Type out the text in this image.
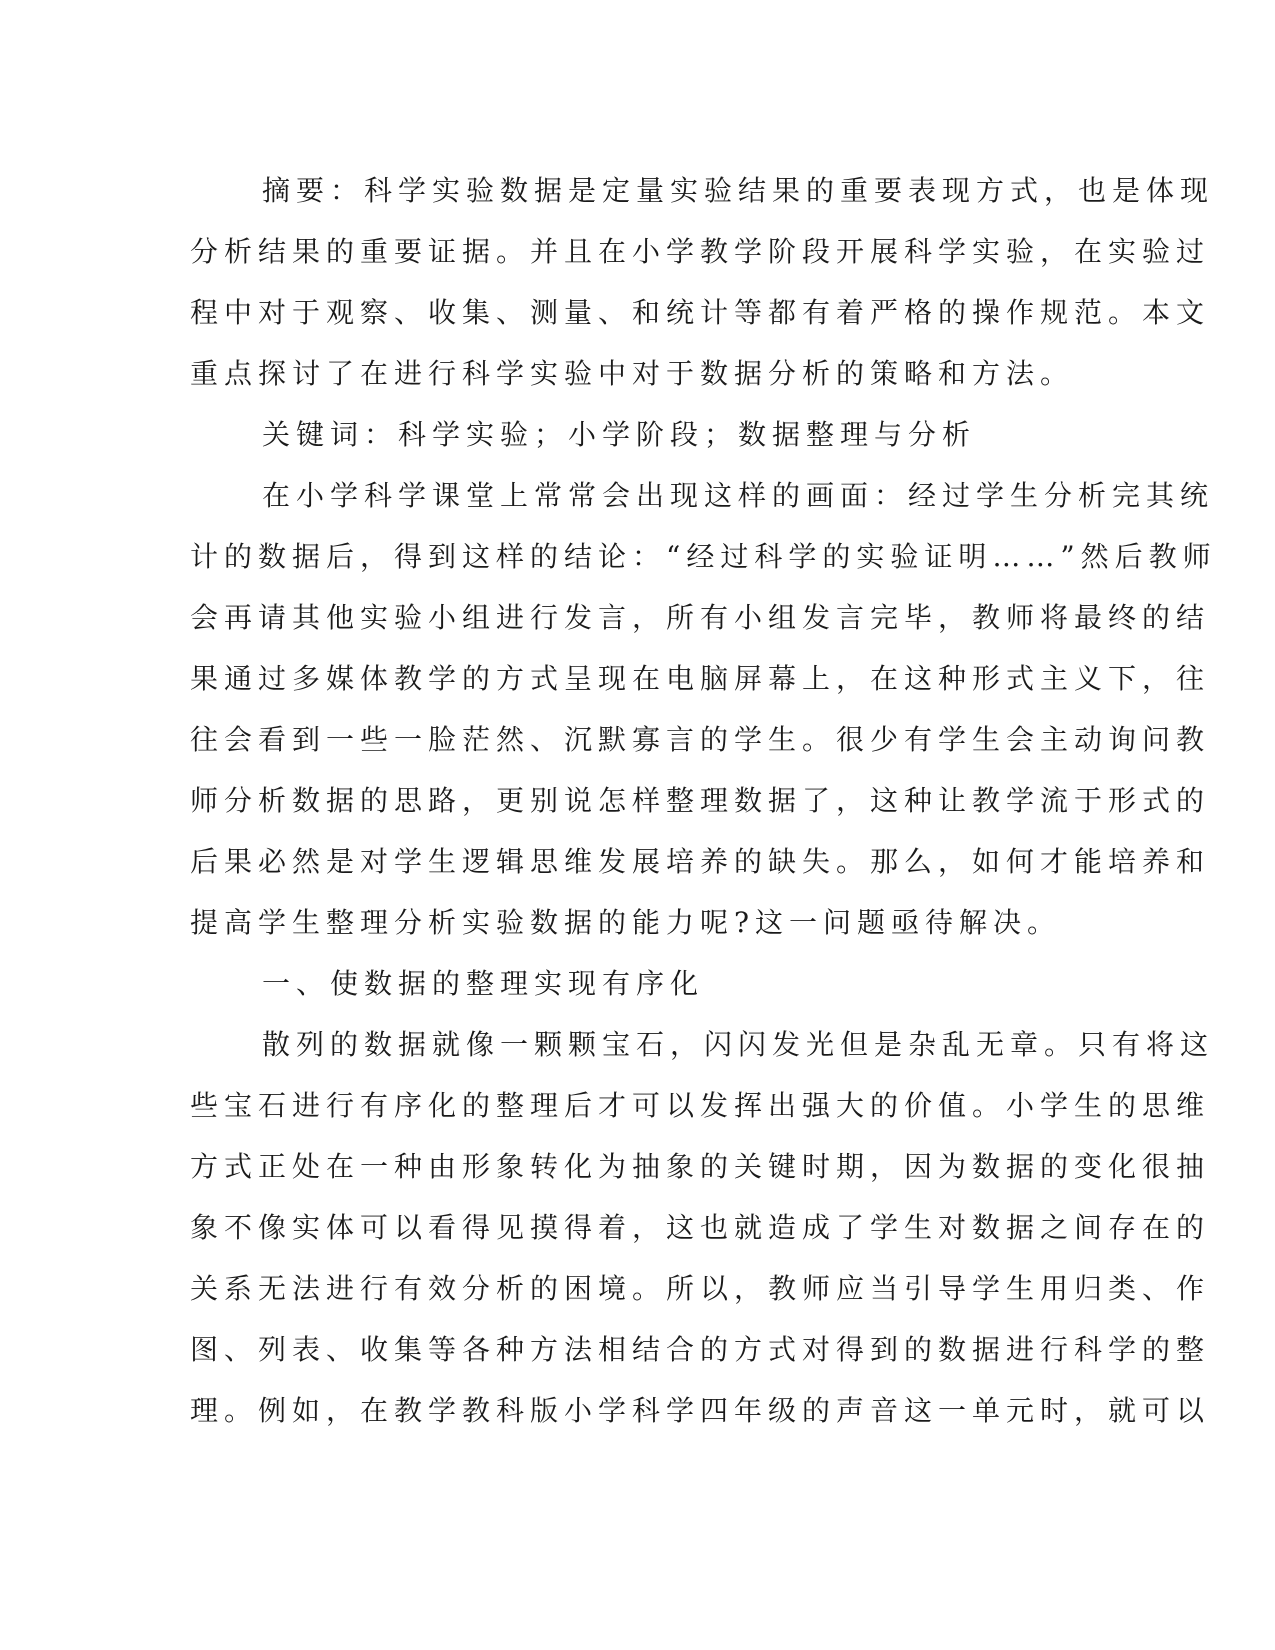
摘要：科学实验数据是定量实验结果的重要表现方式，也是体现
分析结果的重要证据。并且在小学教学阶段开展科学实验，在实验过
程中对于观察、收集、测量、和统计等都有着严格的操作规范。本文
重点探讨了在进行科学实验中对于数据分析的策略和方法。
关键词：科学实验；小学阶段；数据整理与分析
在小学科学课堂上常常会出现这样的画面：经过学生分析完其统
计的数据后，得到这样的结论：“经过科学的实验证明……”然后教师
会再请其他实验小组进行发言，所有小组发言完毕，教师将最终的结
果通过多媒体教学的方式呈现在电脑屏幕上，在这种形式主义下，往
往会看到一些一脸茫然、沉默寡言的学生。很少有学生会主动询问教
师分析数据的思路，更别说怎样整理数据了，这种让教学流于形式的
后果必然是对学生逻辑思维发展培养的缺失。那么，如何才能培养和
提高学生整理分析实验数据的能力呢?这一问题亟待解决。
一、使数据的整理实现有序化
散列的数据就像一颗颗宝石，闪闪发光但是杂乱无章。只有将这
些宝石进行有序化的整理后才可以发挥出强大的价值。小学生的思维
方式正处在一种由形象转化为抽象的关键时期，因为数据的变化很抽
象不像实体可以看得见摸得着，这也就造成了学生对数据之间存在的
关系无法进行有效分析的困境。所以，教师应当引导学生用归类、作
图、列表、收集等各种方法相结合的方式对得到的数据进行科学的整
理。例如，在教学教科版小学科学四年级的声音这一单元时，就可以
